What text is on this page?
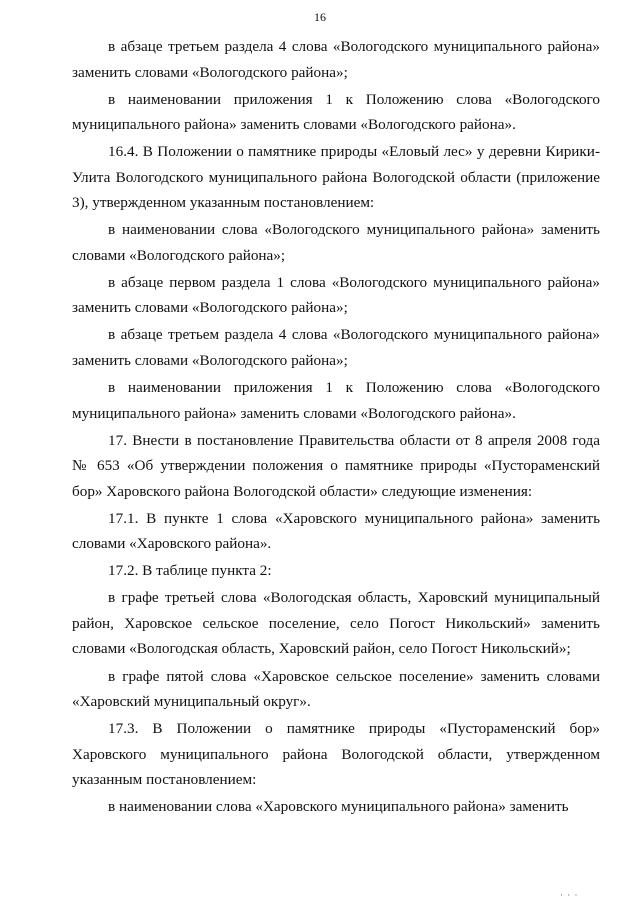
16

в абзаце третьем раздела 4 слова «Вологодского муниципального района» заменить словами «Вологодского района»;

в наименовании приложения 1 к Положению слова «Вологодского муниципального района» заменить словами «Вологодского района».

16.4. В Положении о памятнике природы «Еловый лес» у деревни Кирики-Улита Вологодского муниципального района Вологодской области (приложение 3), утвержденном указанным постановлением:

в наименовании слова «Вологодского муниципального района» заменить словами «Вологодского района»;

в абзаце первом раздела 1 слова «Вологодского муниципального района» заменить словами «Вологодского района»;

в абзаце третьем раздела 4 слова «Вологодского муниципального района» заменить словами «Вологодского района»;

в наименовании приложения 1 к Положению слова «Вологодского муниципального района» заменить словами «Вологодского района».

17. Внести в постановление Правительства области от 8 апреля 2008 года № 653 «Об утверждении положения о памятнике природы «Пустораменский бор» Харовского района Вологодской области» следующие изменения:

17.1. В пункте 1 слова «Харовского муниципального района» заменить словами «Харовского района».

17.2. В таблице пункта 2:

в графе третьей слова «Вологодская область, Харовский муниципальный район, Харовское сельское поселение, село Погост Никольский» заменить словами «Вологодская область, Харовский район, село Погост Никольский»;

в графе пятой слова «Харовское сельское поселение» заменить словами «Харовский муниципальный округ».

17.3. В Положении о памятнике природы «Пустораменский бор» Харовского муниципального района Вологодской области, утвержденном указанным постановлением:

в наименовании слова «Харовского муниципального района» заменить

· · ·
